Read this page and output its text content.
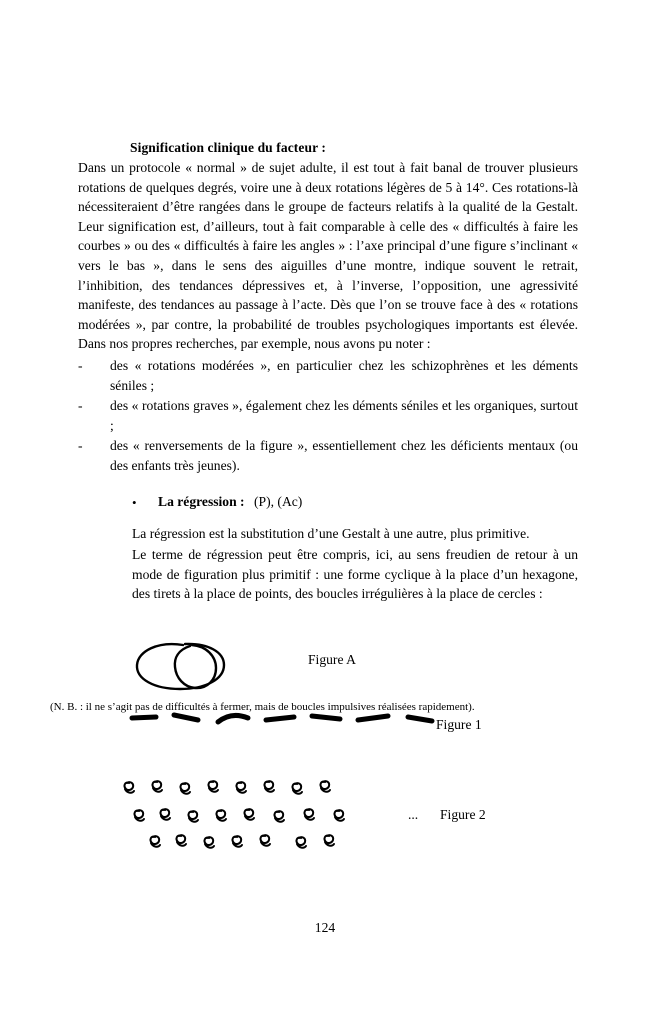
Signification clinique du facteur :

Dans un protocole « normal » de sujet adulte, il est tout à fait banal de trouver plusieurs rotations de quelques degrés, voire une à deux rotations légères de 5 à 14°. Ces rotations-là nécessiteraient d’être rangées dans le groupe de facteurs relatifs à la qualité de la Gestalt. Leur signification est, d’ailleurs, tout à fait comparable à celle des « difficultés à faire les courbes » ou des « difficultés à faire les angles » : l’axe principal d’une figure s’inclinant « vers le bas », dans le sens des aiguilles d’une montre, indique souvent le retrait, l’inhibition, des tendances dépressives et, à l’inverse, l’opposition, une agressivité manifeste, des tendances au passage à l’acte. Dès que l’on se trouve face à des « rotations modérées », par contre, la probabilité de troubles psychologiques importants est élevée. Dans nos propres recherches, par exemple, nous avons pu noter :

- des « rotations modérées », en particulier chez les schizophrènes et les déments séniles ;
- des « rotations graves », également chez les déments séniles et les organiques, surtout ;
- des « renversements de la figure », essentiellement chez les déficients mentaux (ou des enfants très jeunes).
• La régression : (P), (Ac)
La régression est la substitution d’une Gestalt à une autre, plus primitive.
Le terme de régression peut être compris, ici, au sens freudien de retour à un mode de figuration plus primitif : une forme cyclique à la place d’un hexagone, des tirets à la place de points, des boucles irrégulières à la place de cercles :
Figure A
Figure 1
... Figure 2
(N. B. : il ne s’agit pas de difficultés à fermer, mais de boucles impulsives réalisées rapidement).
124
